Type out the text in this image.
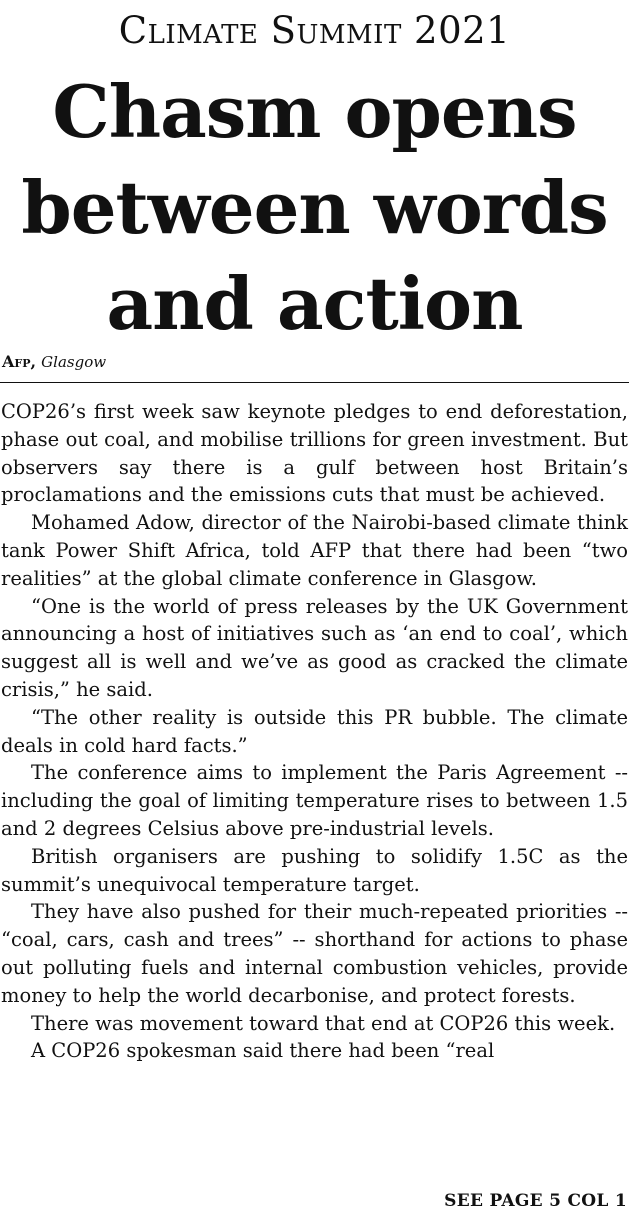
Climate Summit 2021
Chasm opens between words and action
Afp, Glasgow

COP26’s first week saw keynote pledges to end deforestation, phase out coal, and mobilise trillions for green investment. But observers say there is a gulf between host Britain’s proclamations and the emissions cuts that must be achieved.

Mohamed Adow, director of the Nairobi-based climate think tank Power Shift Africa, told AFP that there had been “two realities” at the global climate conference in Glasgow.

“One is the world of press releases by the UK Government announcing a host of initiatives such as ‘an end to coal’, which suggest all is well and we’ve as good as cracked the climate crisis,” he said.

“The other reality is outside this PR bubble. The climate deals in cold hard facts.”

The conference aims to implement the Paris Agreement -- including the goal of limiting temperature rises to between 1.5 and 2 degrees Celsius above pre-industrial levels.

British organisers are pushing to solidify 1.5C as the summit’s unequivocal temperature target.

They have also pushed for their much-repeated priorities -- “coal, cars, cash and trees” -- shorthand for actions to phase out polluting fuels and internal combustion vehicles, provide money to help the world decarbonise, and protect forests.

There was movement toward that end at COP26 this week.

A COP26 spokesman said there had been “real

SEE PAGE 5 COL 1
